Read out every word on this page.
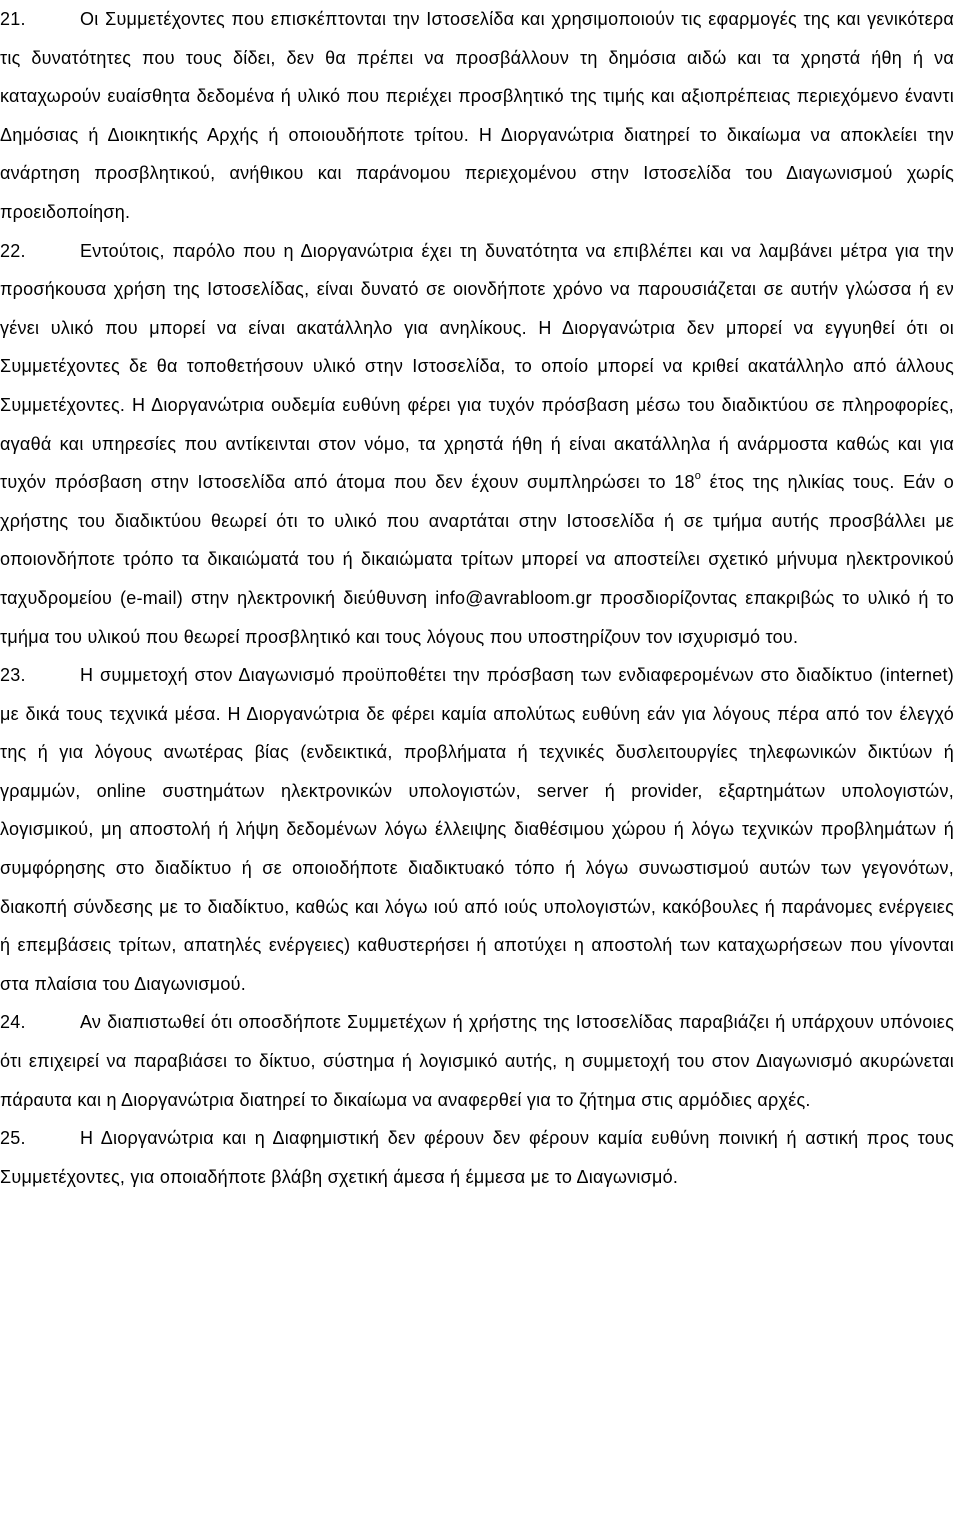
21.	Οι Συμμετέχοντες που επισκέπτονται την Ιστοσελίδα και χρησιμοποιούν τις εφαρμογές της και γενικότερα τις δυνατότητες που τους δίδει, δεν θα πρέπει να προσβάλλουν τη δημόσια αιδώ και τα χρηστά ήθη ή να καταχωρούν ευαίσθητα δεδομένα ή υλικό που περιέχει προσβλητικό της τιμής και αξιοπρέπειας περιεχόμενο έναντι Δημόσιας ή Διοικητικής Αρχής ή οποιουδήποτε τρίτου. Η Διοργανώτρια διατηρεί το δικαίωμα να αποκλείει την ανάρτηση προσβλητικού, ανήθικου και παράνομου περιεχομένου στην Ιστοσελίδα του Διαγωνισμού χωρίς προειδοποίηση.

22.	Εντούτοις, παρόλο που η Διοργανώτρια έχει τη δυνατότητα να επιβλέπει και να λαμβάνει μέτρα για την προσήκουσα χρήση της Ιστοσελίδας, είναι δυνατό σε οιονδήποτε χρόνο να παρουσιάζεται σε αυτήν γλώσσα ή εν γένει υλικό που μπορεί να είναι ακατάλληλο για ανηλίκους. Η Διοργανώτρια δεν μπορεί να εγγυηθεί ότι οι Συμμετέχοντες δε θα τοποθετήσουν υλικό στην Ιστοσελίδα, το οποίο μπορεί να κριθεί ακατάλληλο από άλλους Συμμετέχοντες. Η Διοργανώτρια ουδεμία ευθύνη φέρει για τυχόν πρόσβαση μέσω του διαδικτύου σε πληροφορίες, αγαθά και υπηρεσίες που αντίκεινται στον νόμο, τα χρηστά ήθη ή είναι ακατάλληλα ή ανάρμοστα καθώς και για τυχόν πρόσβαση στην Ιστοσελίδα από άτομα που δεν έχουν συμπληρώσει το $18^o$ έτος της ηλικίας τους. Εάν ο χρήστης του διαδικτύου θεωρεί ότι το υλικό που αναρτάται στην Ιστοσελίδα ή σε τμήμα αυτής προσβάλλει με οποιονδήποτε τρόπο τα δικαιώματά του ή δικαιώματα τρίτων μπορεί να αποστείλει σχετικό μήνυμα ηλεκτρονικού ταχυδρομείου (e-mail) στην ηλεκτρονική διεύθυνση info@avrabloom.gr προσδιορίζοντας επακριβώς το υλικό ή το τμήμα του υλικού που θεωρεί προσβλητικό και τους λόγους που υποστηρίζουν τον ισχυρισμό του.

23.	Η συμμετοχή στον Διαγωνισμό προϋποθέτει την πρόσβαση των ενδιαφερομένων στο διαδίκτυο (internet) με δικά τους τεχνικά μέσα. Η Διοργανώτρια δε φέρει καμία απολύτως ευθύνη εάν για λόγους πέρα από τον έλεγχό της ή για λόγους ανωτέρας βίας (ενδεικτικά, προβλήματα ή τεχνικές δυσλειτουργίες τηλεφωνικών δικτύων ή γραμμών, online συστημάτων ηλεκτρονικών υπολογιστών, server ή provider, εξαρτημάτων υπολογιστών, λογισμικού, μη αποστολή ή λήψη δεδομένων λόγω έλλειψης διαθέσιμου χώρου ή λόγω τεχνικών προβλημάτων ή συμφόρησης στο διαδίκτυο ή σε οποιοδήποτε διαδικτυακό τόπο ή λόγω συνωστισμού αυτών των γεγονότων, διακοπή σύνδεσης με το διαδίκτυο, καθώς και λόγω ιού από ιούς υπολογιστών, κακόβουλες ή παράνομες ενέργειες ή επεμβάσεις τρίτων, απατηλές ενέργειες) καθυστερήσει ή αποτύχει η αποστολή των καταχωρήσεων που γίνονται στα πλαίσια του Διαγωνισμού.

24.	Αν διαπιστωθεί ότι οποσδήποτε Συμμετέχων ή χρήστης της Ιστοσελίδας παραβιάζει ή υπάρχουν υπόνοιες ότι επιχειρεί να παραβιάσει το δίκτυο, σύστημα ή λογισμικό αυτής, η συμμετοχή του στον Διαγωνισμό ακυρώνεται πάραυτα και η Διοργανώτρια διατηρεί το δικαίωμα να αναφερθεί για το ζήτημα στις αρμόδιες αρχές.

25.	Η Διοργανώτρια και η Διαφημιστική δεν φέρουν δεν φέρουν καμία ευθύνη ποινική ή αστική προς τους Συμμετέχοντες, για οποιαδήποτε βλάβη σχετική άμεσα ή έμμεσα με το Διαγωνισμό.
